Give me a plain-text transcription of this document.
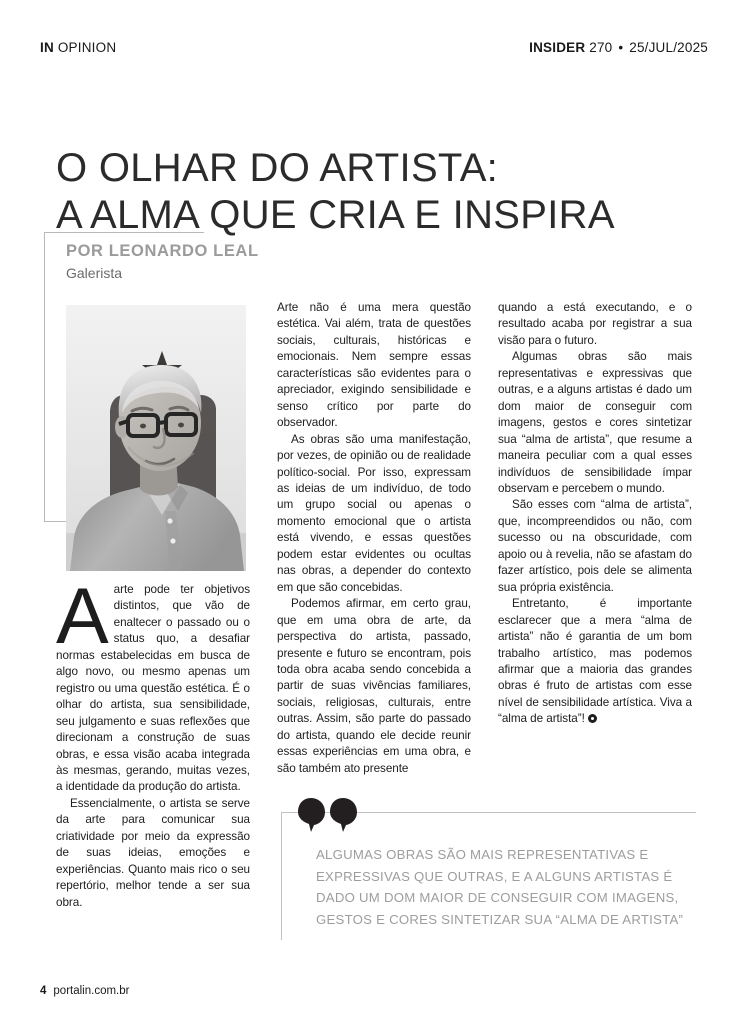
IN OPINION	INSIDER 270 • 25/JUL/2025
O OLHAR DO ARTISTA:
A ALMA QUE CRIA E INSPIRA
POR LEONARDO LEAL
Galerista

Aarte pode ter objetivos distintos, que vão de enaltecer o passado ou o status quo, a desafiar normas estabelecidas em busca de algo novo, ou mesmo apenas um registro ou uma questão estética. É o olhar do artista, sua sensibilidade, seu julgamento e suas reflexões que direcionam a construção de suas obras, e essa visão acaba integrada às mesmas, gerando, muitas vezes, a identidade da produção do artista.

Essencialmente, o artista se serve da arte para comunicar sua criatividade por meio da expressão de suas ideias, emoções e experiências. Quanto mais rico o seu repertório, melhor tende a ser sua obra.

Arte não é uma mera questão estética. Vai além, trata de questões sociais, culturais, históricas e emocionais. Nem sempre essas características são evidentes para o apreciador, exigindo sensibilidade e senso crítico por parte do observador.

As obras são uma manifestação, por vezes, de opinião ou de realidade político-social. Por isso, expressam as ideias de um indivíduo, de todo um grupo social ou apenas o momento emocional que o artista está vivendo, e essas questões podem estar evidentes ou ocultas nas obras, a depender do contexto em que são concebidas.

Podemos afirmar, em certo grau, que em uma obra de arte, da perspectiva do artista, passado, presente e futuro se encontram, pois toda obra acaba sendo concebida a partir de suas vivências familiares, sociais, religiosas, culturais, entre outras. Assim, são parte do passado do artista, quando ele decide reunir essas experiências em uma obra, e são também ato presente

quando a está executando, e o resultado acaba por registrar a sua visão para o futuro.

Algumas obras são mais representativas e expressivas que outras, e a alguns artistas é dado um dom maior de conseguir com imagens, gestos e cores sintetizar sua “alma de artista”, que resume a maneira peculiar com a qual esses indivíduos de sensibilidade ímpar observam e percebem o mundo.

São esses com “alma de artista”, que, incompreendidos ou não, com sucesso ou na obscuridade, com apoio ou à revelia, não se afastam do fazer artístico, pois dele se alimenta sua própria existência.

Entretanto, é importante esclarecer que a mera “alma de artista” não é garantia de um bom trabalho artístico, mas podemos afirmar que a maioria das grandes obras é fruto de artistas com esse nível de sensibilidade artística. Viva a “alma de artista”!

ALGUMAS OBRAS SÃO MAIS REPRESENTATIVAS E EXPRESSIVAS QUE OUTRAS, E A ALGUNS ARTISTAS É DADO UM DOM MAIOR DE CONSEGUIR COM IMAGENS, GESTOS E CORES SINTETIZAR SUA “ALMA DE ARTISTA”
4 portalin.com.br
